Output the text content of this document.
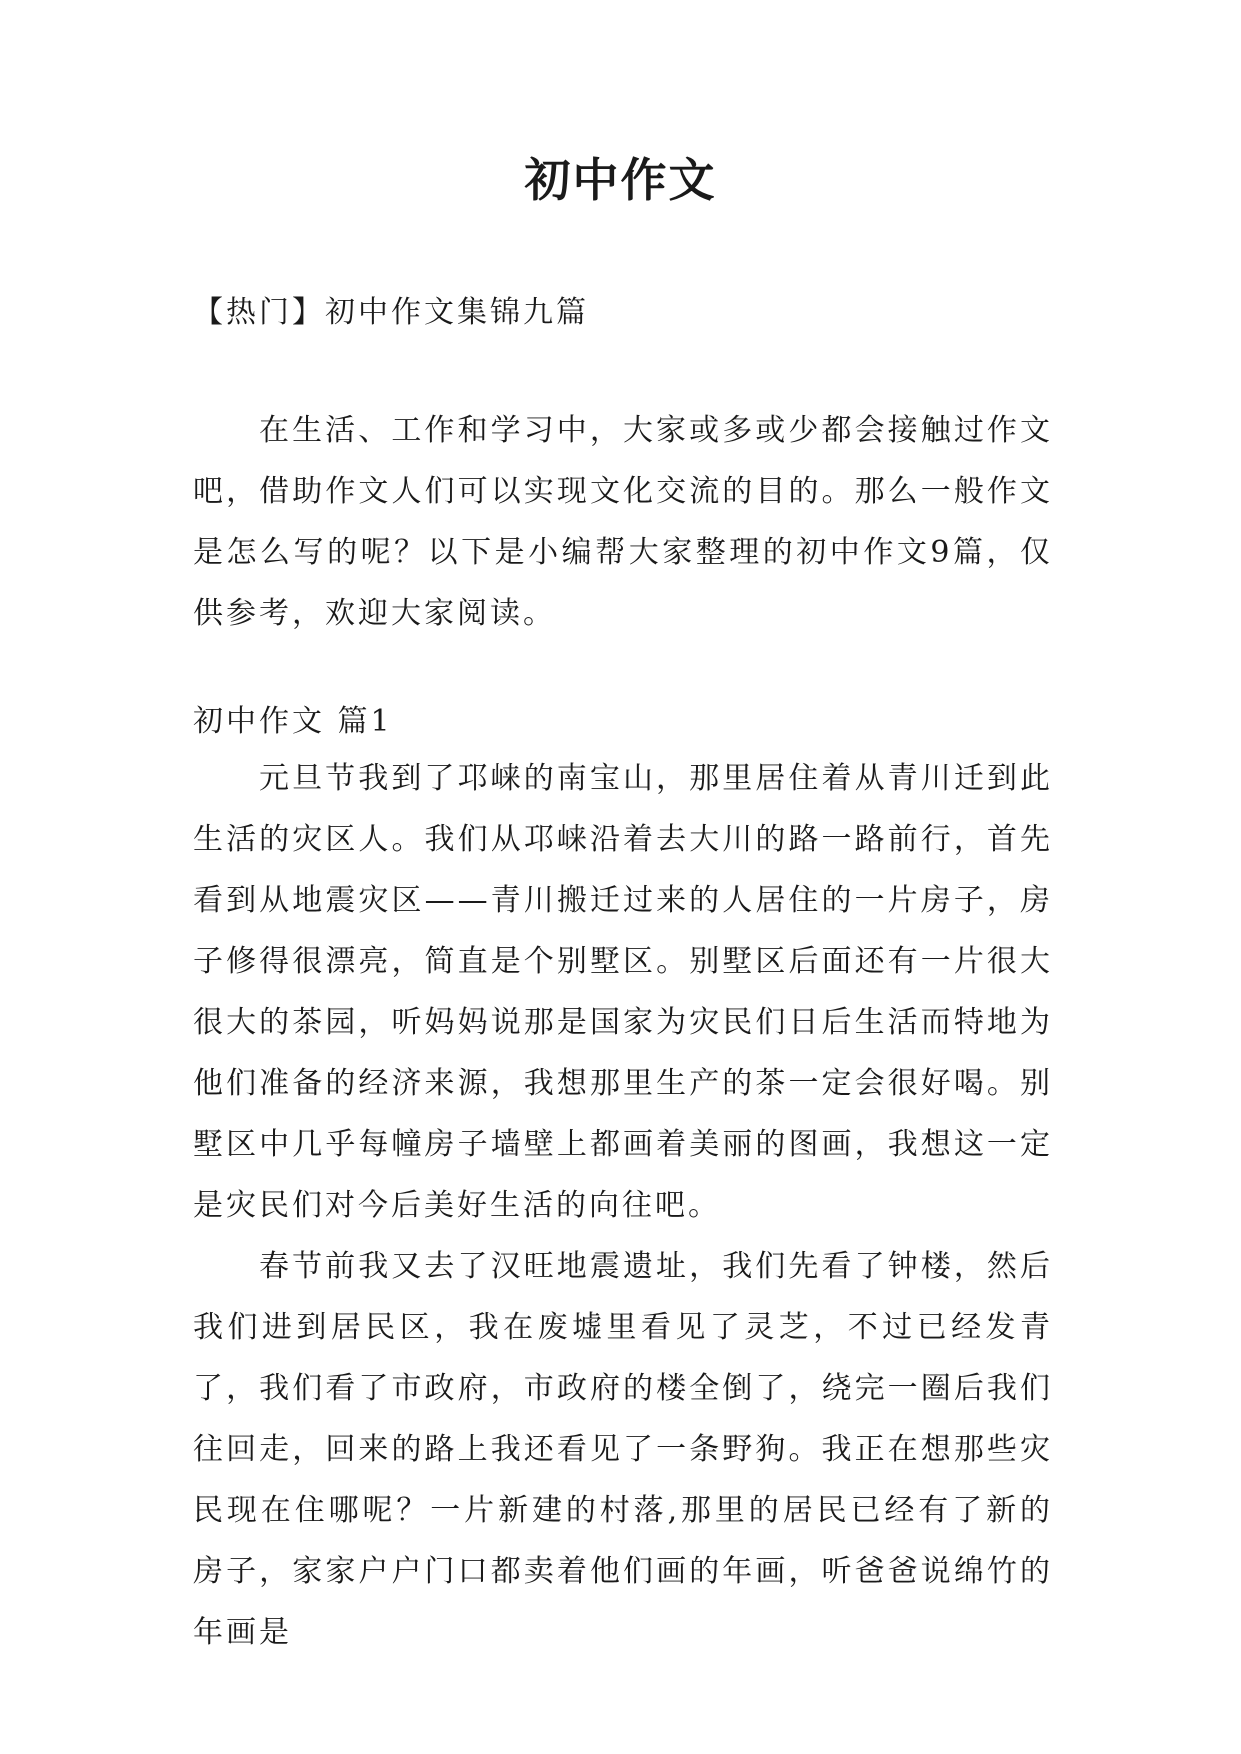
初中作文
【热门】初中作文集锦九篇

在生活、工作和学习中，大家或多或少都会接触过作文吧，借助作文人们可以实现文化交流的目的。那么一般作文是怎么写的呢？以下是小编帮大家整理的初中作文9篇，仅供参考，欢迎大家阅读。

初中作文 篇1

元旦节我到了邛崃的南宝山，那里居住着从青川迁到此生活的灾区人。我们从邛崃沿着去大川的路一路前行，首先看到从地震灾区——青川搬迁过来的人居住的一片房子，房子修得很漂亮，简直是个别墅区。别墅区后面还有一片很大很大的茶园，听妈妈说那是国家为灾民们日后生活而特地为他们准备的经济来源，我想那里生产的茶一定会很好喝。别墅区中几乎每幢房子墙壁上都画着美丽的图画，我想这一定是灾民们对今后美好生活的向往吧。

春节前我又去了汉旺地震遗址，我们先看了钟楼，然后我们进到居民区，我在废墟里看见了灵芝，不过已经发青了，我们看了市政府，市政府的楼全倒了，绕完一圈后我们往回走，回来的路上我还看见了一条野狗。我正在想那些灾民现在住哪呢？一片新建的村落,那里的居民已经有了新的房子，家家户户门口都卖着他们画的年画，听爸爸说绵竹的年画是
